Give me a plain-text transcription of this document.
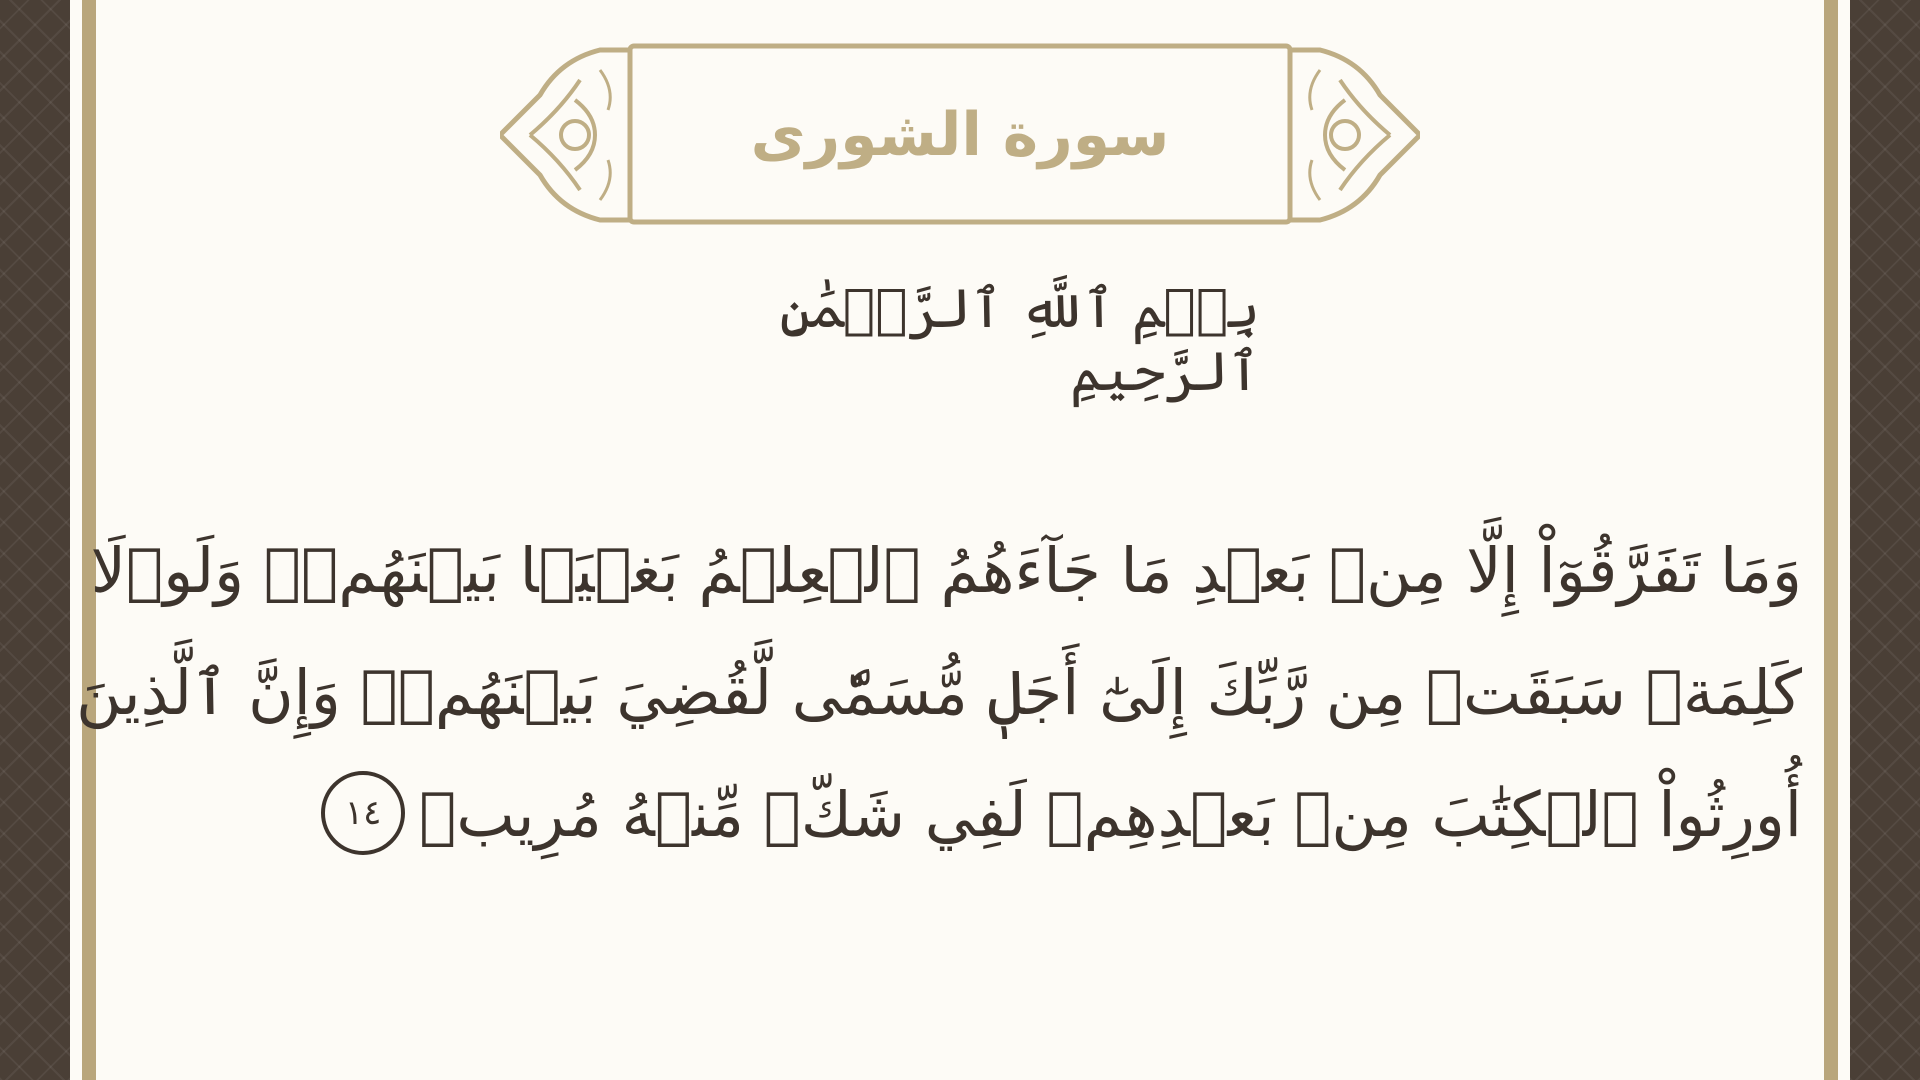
سورة الشورى
بِسۡمِ ٱللَّهِ ٱلرَّحۡمَٰنِ ٱلرَّحِيمِ
وَمَا تَفَرَّقُوٓاْ إِلَّا مِنۢ بَعۡدِ مَا جَآءَهُمُ ٱلۡعِلۡمُ بَغۡيَۢا بَيۡنَهُمۡۚ وَلَوۡلَا
كَلِمَةٞ سَبَقَتۡ مِن رَّبِّكَ إِلَىٰٓ أَجَلٖ مُّسَمّٗى لَّقُضِيَ بَيۡنَهُمۡۚ وَإِنَّ ٱلَّذِينَ
أُورِثُواْ ٱلۡكِتَٰبَ مِنۢ بَعۡدِهِمۡ لَفِي شَكّٖ مِّنۡهُ مُرِيبٖ١٤
